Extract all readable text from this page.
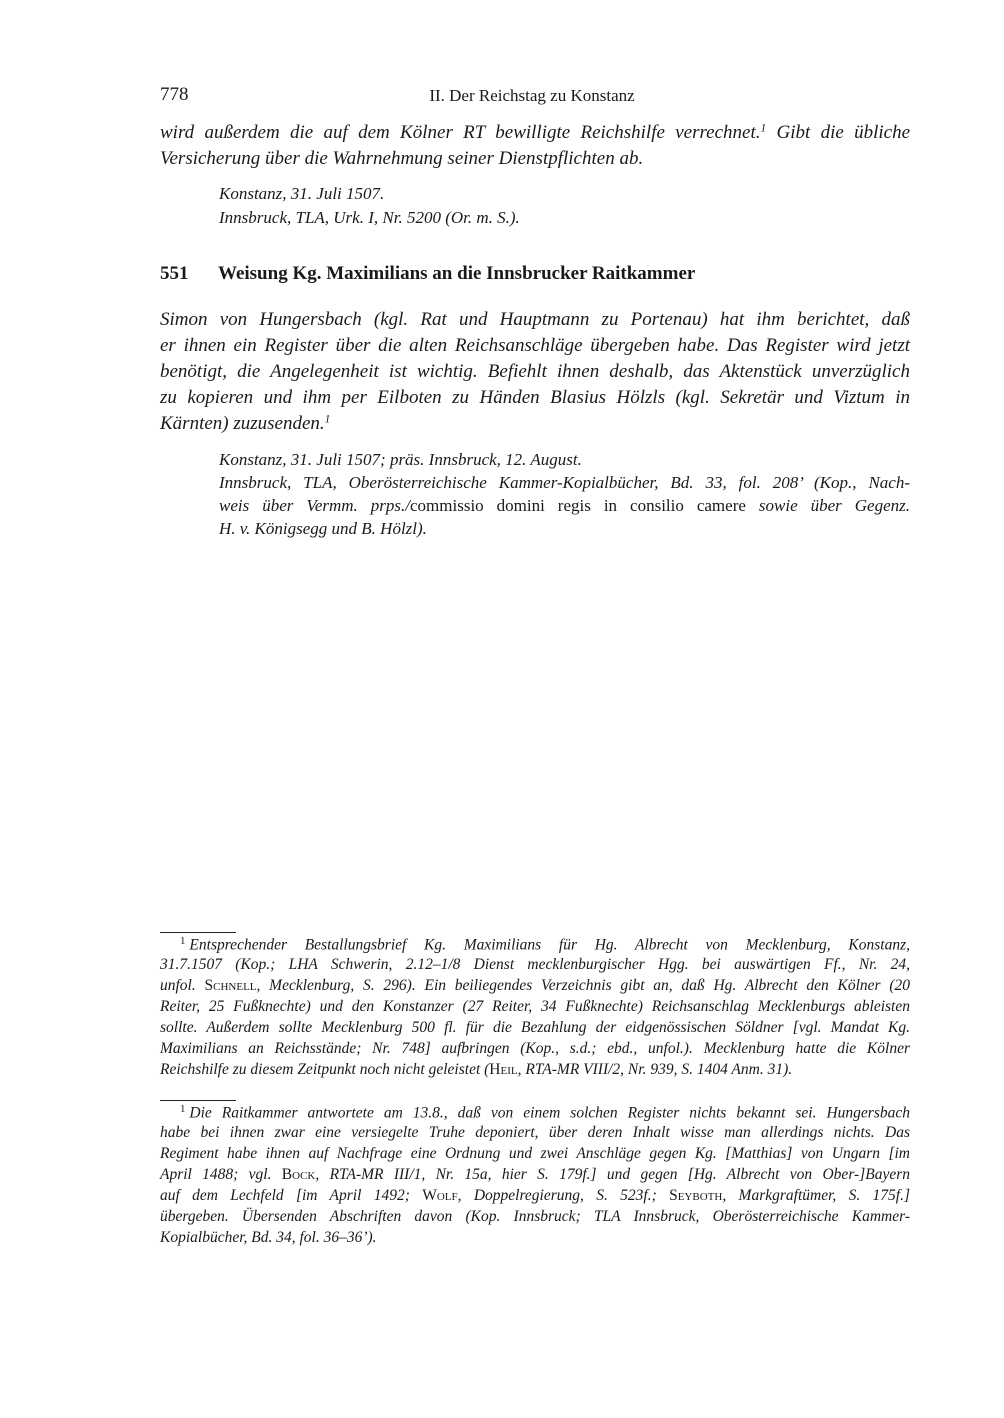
778	II. Der Reichstag zu Konstanz
wird außerdem die auf dem Kölner RT bewilligte Reichshilfe verrechnet.$^1$ Gibt die übliche
Versicherung über die Wahrnehmung seiner Dienstpflichten ab.
Konstanz, 31. Juli 1507.
Innsbruck, TLA, Urk. I, Nr. 5200 (Or. m. S.).
551 Weisung Kg. Maximilians an die Innsbrucker Raitkammer
Simon von Hungersbach (kgl. Rat und Hauptmann zu Portenau) hat ihm berichtet, daß
er ihnen ein Register über die alten Reichsanschläge übergeben habe. Das Register wird jetzt
benötigt, die Angelegenheit ist wichtig. Befiehlt ihnen deshalb, das Aktenstück unverzüglich
zu kopieren und ihm per Eilboten zu Händen Blasius Hölzls (kgl. Sekretär und Viztum in
Kärnten) zuzusenden.$^1$
Konstanz, 31. Juli 1507; präs. Innsbruck, 12. August.
Innsbruck, TLA, Oberösterreichische Kammer-Kopialbücher, Bd. 33, fol. 208’ (Kop., Nach-
weis über Vermm. prps./commissio domini regis in consilio camere sowie über Gegenz.
H. v. Königsegg und B. Hölzl).
$^1$ Entsprechender Bestallungsbrief Kg. Maximilians für Hg. Albrecht von Mecklenburg, Konstanz,
31.7.1507 (Kop.; LHA Schwerin, 2.12–1/8 Dienst mecklenburgischer Hgg. bei auswärtigen Ff., Nr. 24,
unfol. Schnell, Mecklenburg, S. 296). Ein beiliegendes Verzeichnis gibt an, daß Hg. Albrecht den Kölner (20
Reiter, 25 Fußknechte) und den Konstanzer (27 Reiter, 34 Fußknechte) Reichsanschlag Mecklenburgs ableisten
sollte. Außerdem sollte Mecklenburg 500 fl. für die Bezahlung der eidgenössischen Söldner [vgl. Mandat Kg.
Maximilians an Reichsstände; Nr. 748] aufbringen (Kop., s.d.; ebd., unfol.). Mecklenburg hatte die Kölner
Reichshilfe zu diesem Zeitpunkt noch nicht geleistet (Heil, RTA-MR VIII/2, Nr. 939, S. 1404 Anm. 31).
$^1$ Die Raitkammer antwortete am 13.8., daß von einem solchen Register nichts bekannt sei. Hungersbach
habe bei ihnen zwar eine versiegelte Truhe deponiert, über deren Inhalt wisse man allerdings nichts. Das
Regiment habe ihnen auf Nachfrage eine Ordnung und zwei Anschläge gegen Kg. [Matthias] von Ungarn [im
April 1488; vgl. Bock, RTA-MR III/1, Nr. 15a, hier S. 179f.] und gegen [Hg. Albrecht von Ober-]Bayern
auf dem Lechfeld [im April 1492; Wolf, Doppelregierung, S. 523f.; Seyboth, Markgraftümer, S. 175f.]
übergeben. Übersenden Abschriften davon (Kop. Innsbruck; TLA Innsbruck, Oberösterreichische Kammer-
Kopialbücher, Bd. 34, fol. 36–36’).
